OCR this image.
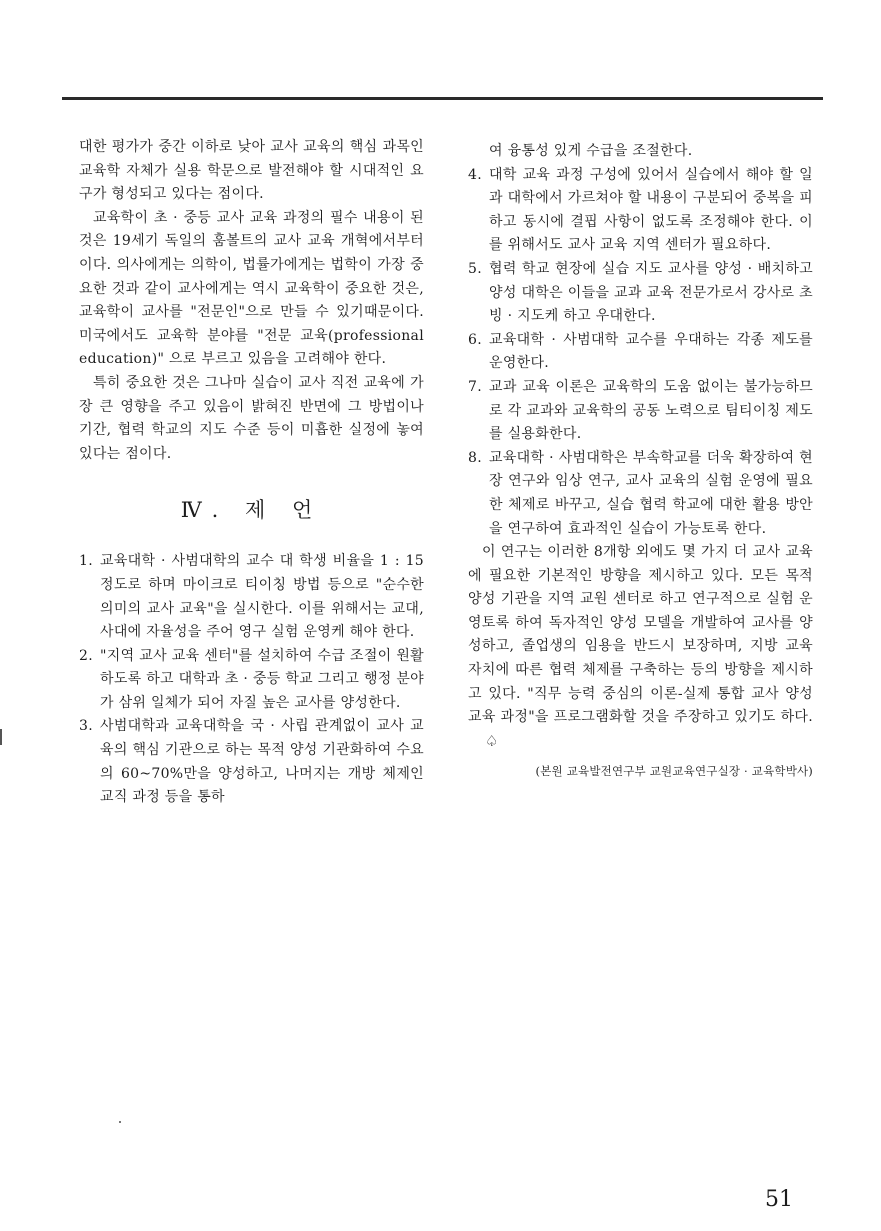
대한 평가가 중간 이하로 낮아 교사 교육의 핵심 과목인 교육학 자체가 실용 학문으로 발전해야 할 시대적인 요구가 형성되고 있다는 점이다.

교육학이 초 · 중등 교사 교육 과정의 필수 내용이 된 것은 19세기 독일의 훔볼트의 교사 교육 개혁에서부터이다. 의사에게는 의학이, 법률가에게는 법학이 가장 중요한 것과 같이 교사에게는 역시 교육학이 중요한 것은, 교육학이 교사를 "전문인"으로 만들 수 있기때문이다. 미국에서도 교육학 분야를 "전문 교육(professional education)" 으로 부르고 있음을 고려해야 한다.

특히 중요한 것은 그나마 실습이 교사 직전 교육에 가장 큰 영향을 주고 있음이 밝혀진 반면에 그 방법이나 기간, 협력 학교의 지도 수준 등이 미흡한 실정에 놓여 있다는 점이다.

Ⅳ. 제 언
1. 교육대학 · 사범대학의 교수 대 학생 비율을 1 : 15 정도로 하며 마이크로 티이칭 방법 등으로 "순수한 의미의 교사 교육"을 실시한다. 이를 위해서는 교대, 사대에 자율성을 주어 영구 실험 운영케 해야 한다.
2. "지역 교사 교육 센터"를 설치하여 수급 조절이 원활하도록 하고 대학과 초 · 중등 학교 그리고 행정 분야가 삼위 일체가 되어 자질 높은 교사를 양성한다.
3. 사범대학과 교육대학을 국 · 사립 관계없이 교사 교육의 핵심 기관으로 하는 목적 양성 기관화하여 수요의 60~70%만을 양성하고, 나머지는 개방 체제인 교직 과정 등을 통하

여 융통성 있게 수급을 조절한다.

4. 대학 교육 과정 구성에 있어서 실습에서 해야 할 일과 대학에서 가르쳐야 할 내용이 구분되어 중복을 피하고 동시에 결핍 사항이 없도록 조정해야 한다. 이를 위해서도 교사 교육 지역 센터가 필요하다.
5. 협력 학교 현장에 실습 지도 교사를 양성 · 배치하고 양성 대학은 이들을 교과 교육 전문가로서 강사로 초빙 · 지도케 하고 우대한다.
6. 교육대학 · 사범대학 교수를 우대하는 각종 제도를 운영한다.
7. 교과 교육 이론은 교육학의 도움 없이는 불가능하므로 각 교과와 교육학의 공동 노력으로 팀티이칭 제도를 실용화한다.
8. 교육대학 · 사범대학은 부속학교를 더욱 확장하여 현장 연구와 임상 연구, 교사 교육의 실험 운영에 필요한 체제로 바꾸고, 실습 협력 학교에 대한 활용 방안을 연구하여 효과적인 실습이 가능토록 한다.

이 연구는 이러한 8개항 외에도 몇 가지 더 교사 교육에 필요한 기본적인 방향을 제시하고 있다. 모든 목적 양성 기관을 지역 교원 센터로 하고 연구적으로 실험 운영토록 하여 독자적인 양성 모델을 개발하여 교사를 양성하고, 졸업생의 임용을 반드시 보장하며, 지방 교육 자치에 따른 협력 체제를 구축하는 등의 방향을 제시하고 있다. "직무 능력 중심의 이론-실제 통합 교사 양성 교육 과정"을 프로그램화할 것을 주장하고 있기도 하다.♤

(본원 교육발전연구부 교원교육연구실장 · 교육학박사)
51
